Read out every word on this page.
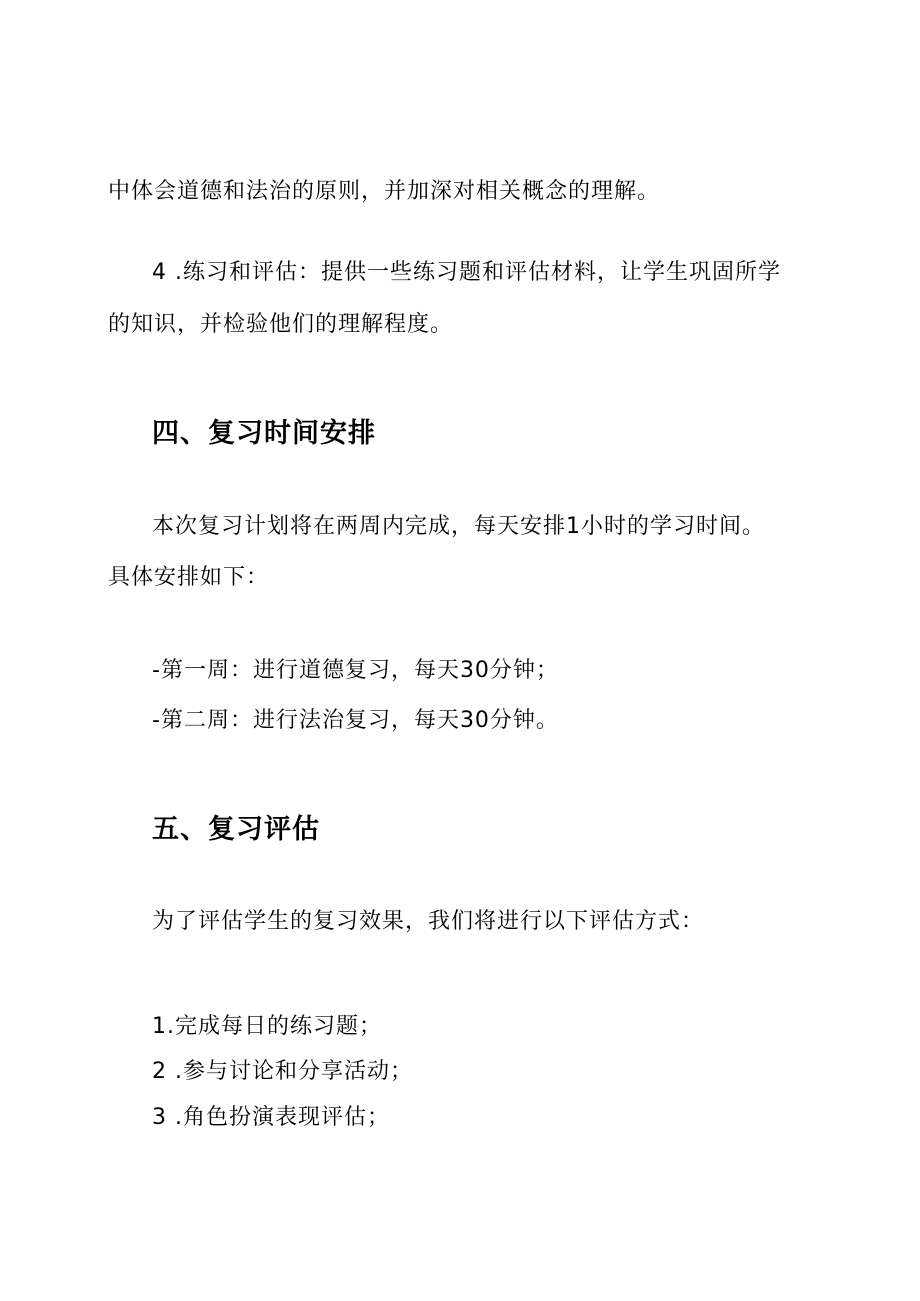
中体会道德和法治的原则，并加深对相关概念的理解。
4 .练习和评估：提供一些练习题和评估材料，让学生巩固所学
的知识，并检验他们的理解程度。
四、复习时间安排
本次复习计划将在两周内完成，每天安排1小时的学习时间。
具体安排如下：
-第一周：进行道德复习，每天30分钟；
-第二周：进行法治复习，每天30分钟。
五、复习评估
为了评估学生的复习效果，我们将进行以下评估方式：
1.完成每日的练习题；
2 .参与讨论和分享活动；
3 .角色扮演表现评估；
